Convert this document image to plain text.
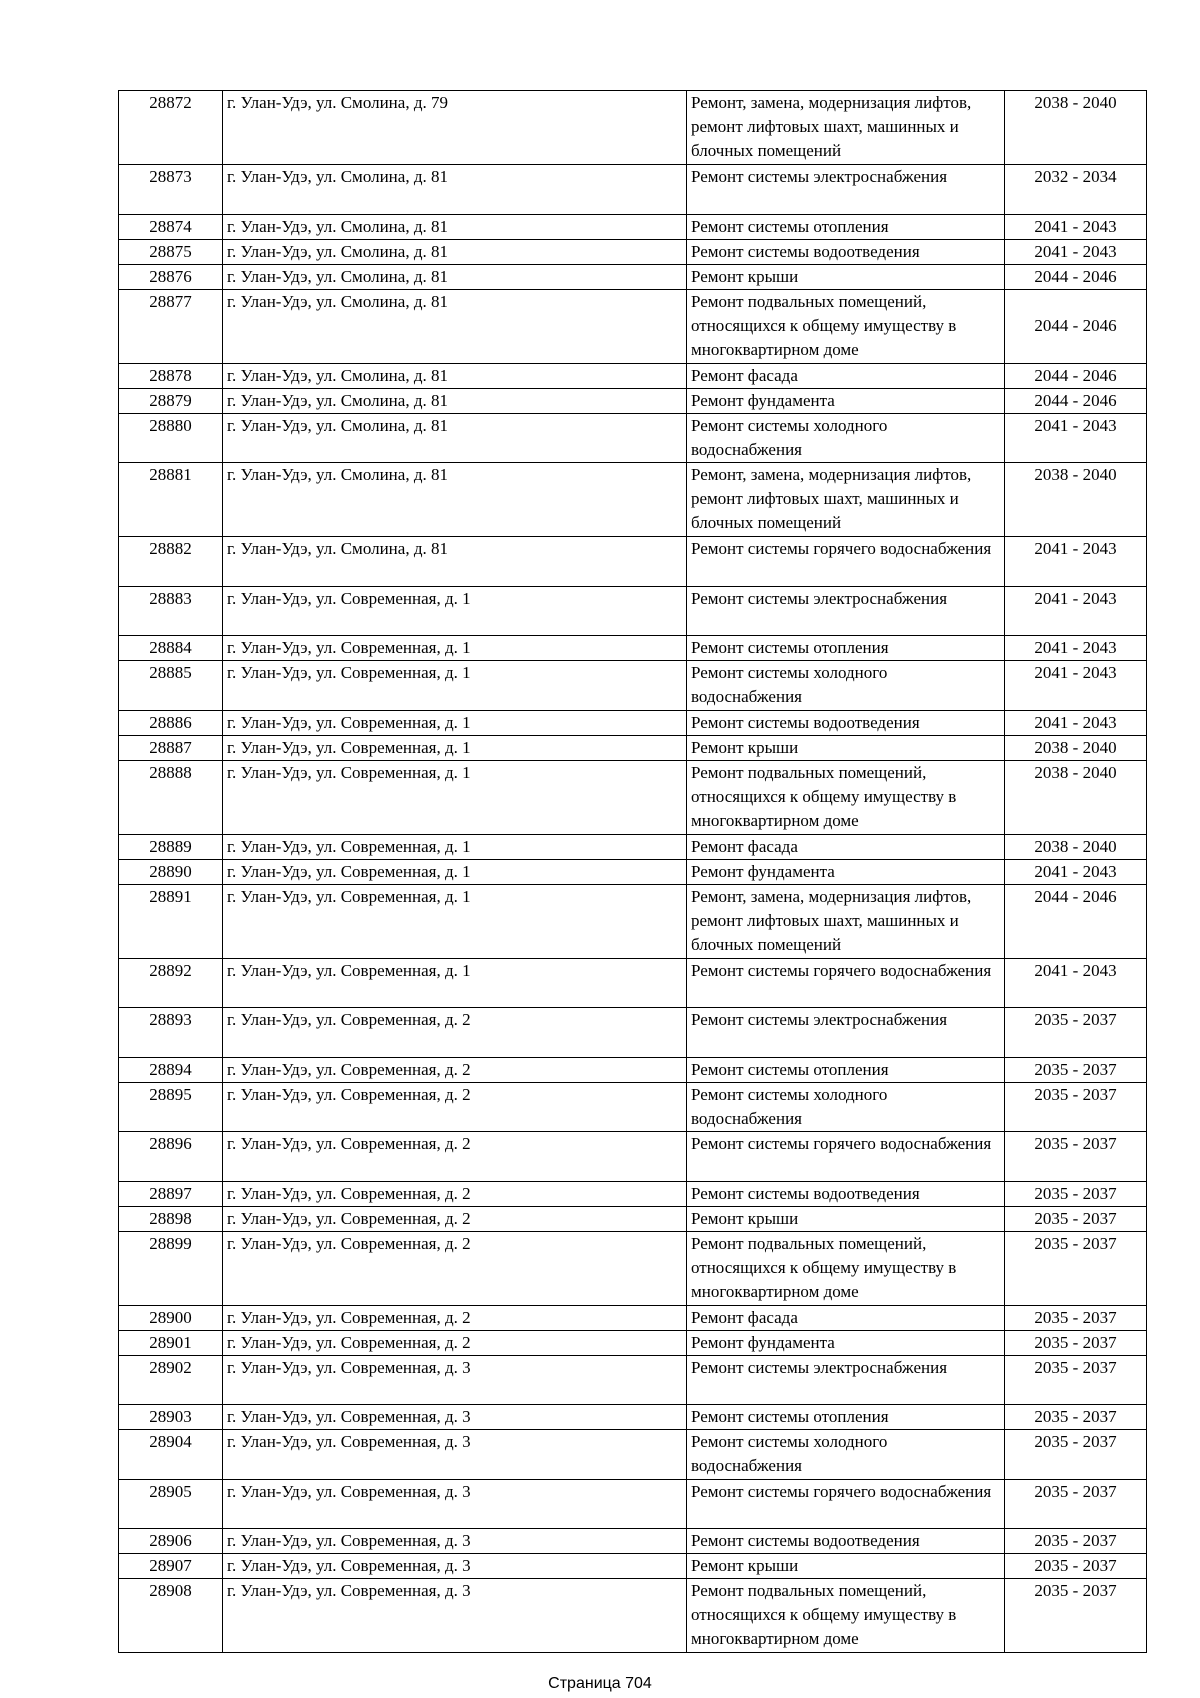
28872	г. Улан-Удэ, ул. Смолина, д. 79	Ремонт, замена, модернизация лифтов, ремонт лифтовых шахт, машинных и блочных помещений	2038 - 2040
28873	г. Улан-Удэ, ул. Смолина, д. 81	Ремонт системы электроснабжения	2032 - 2034
28874	г. Улан-Удэ, ул. Смолина, д. 81	Ремонт системы отопления	2041 - 2043
28875	г. Улан-Удэ, ул. Смолина, д. 81	Ремонт системы водоотведения	2041 - 2043
28876	г. Улан-Удэ, ул. Смолина, д. 81	Ремонт крыши	2044 - 2046
28877	г. Улан-Удэ, ул. Смолина, д. 81	Ремонт подвальных помещений, относящихся к общему имуществу в многоквартирном доме	2044 - 2046
28878	г. Улан-Удэ, ул. Смолина, д. 81	Ремонт фасада	2044 - 2046
28879	г. Улан-Удэ, ул. Смолина, д. 81	Ремонт фундамента	2044 - 2046
28880	г. Улан-Удэ, ул. Смолина, д. 81	Ремонт системы холодного водоснабжения	2041 - 2043
28881	г. Улан-Удэ, ул. Смолина, д. 81	Ремонт, замена, модернизация лифтов, ремонт лифтовых шахт, машинных и блочных помещений	2038 - 2040
28882	г. Улан-Удэ, ул. Смолина, д. 81	Ремонт системы горячего водоснабжения	2041 - 2043
28883	г. Улан-Удэ, ул. Современная, д. 1	Ремонт системы электроснабжения	2041 - 2043
28884	г. Улан-Удэ, ул. Современная, д. 1	Ремонт системы отопления	2041 - 2043
28885	г. Улан-Удэ, ул. Современная, д. 1	Ремонт системы холодного водоснабжения	2041 - 2043
28886	г. Улан-Удэ, ул. Современная, д. 1	Ремонт системы водоотведения	2041 - 2043
28887	г. Улан-Удэ, ул. Современная, д. 1	Ремонт крыши	2038 - 2040
28888	г. Улан-Удэ, ул. Современная, д. 1	Ремонт подвальных помещений, относящихся к общему имуществу в многоквартирном доме	2038 - 2040
28889	г. Улан-Удэ, ул. Современная, д. 1	Ремонт фасада	2038 - 2040
28890	г. Улан-Удэ, ул. Современная, д. 1	Ремонт фундамента	2041 - 2043
28891	г. Улан-Удэ, ул. Современная, д. 1	Ремонт, замена, модернизация лифтов, ремонт лифтовых шахт, машинных и блочных помещений	2044 - 2046
28892	г. Улан-Удэ, ул. Современная, д. 1	Ремонт системы горячего водоснабжения	2041 - 2043
28893	г. Улан-Удэ, ул. Современная, д. 2	Ремонт системы электроснабжения	2035 - 2037
28894	г. Улан-Удэ, ул. Современная, д. 2	Ремонт системы отопления	2035 - 2037
28895	г. Улан-Удэ, ул. Современная, д. 2	Ремонт системы холодного водоснабжения	2035 - 2037
28896	г. Улан-Удэ, ул. Современная, д. 2	Ремонт системы горячего водоснабжения	2035 - 2037
28897	г. Улан-Удэ, ул. Современная, д. 2	Ремонт системы водоотведения	2035 - 2037
28898	г. Улан-Удэ, ул. Современная, д. 2	Ремонт крыши	2035 - 2037
28899	г. Улан-Удэ, ул. Современная, д. 2	Ремонт подвальных помещений, относящихся к общему имуществу в многоквартирном доме	2035 - 2037
28900	г. Улан-Удэ, ул. Современная, д. 2	Ремонт фасада	2035 - 2037
28901	г. Улан-Удэ, ул. Современная, д. 2	Ремонт фундамента	2035 - 2037
28902	г. Улан-Удэ, ул. Современная, д. 3	Ремонт системы электроснабжения	2035 - 2037
28903	г. Улан-Удэ, ул. Современная, д. 3	Ремонт системы отопления	2035 - 2037
28904	г. Улан-Удэ, ул. Современная, д. 3	Ремонт системы холодного водоснабжения	2035 - 2037
28905	г. Улан-Удэ, ул. Современная, д. 3	Ремонт системы горячего водоснабжения	2035 - 2037
28906	г. Улан-Удэ, ул. Современная, д. 3	Ремонт системы водоотведения	2035 - 2037
28907	г. Улан-Удэ, ул. Современная, д. 3	Ремонт крыши	2035 - 2037
28908	г. Улан-Удэ, ул. Современная, д. 3	Ремонт подвальных помещений, относящихся к общему имуществу в многоквартирном доме	2035 - 2037
Страница 704
